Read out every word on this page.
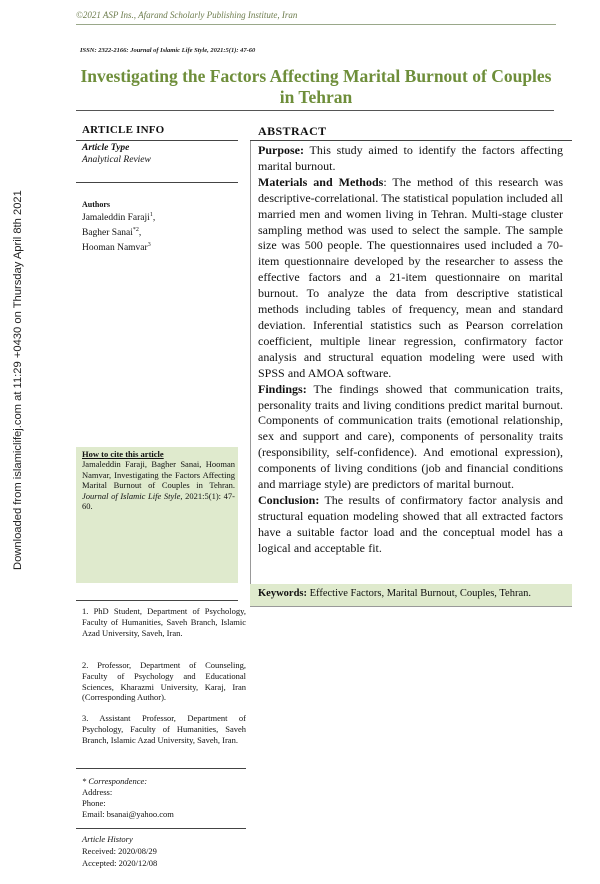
©2021 ASP Ins., Afarand Scholarly Publishing Institute, Iran
ISSN: 2322-2166: Journal of Islamic Life Style, 2021:5(1): 47-60
Investigating the Factors Affecting Marital Burnout of Couples in Tehran
Downloaded from islamiclifej.com at 11:29 +0430 on Thursday April 8th 2021
ARTICLE INFO
Article Type
Analytical Review
Authors
Jamaleddin Faraji$^1$,
Bagher Sanai$^{*2}$,
Hooman Namvar$^3$
How to cite this article
Jamaleddin Faraji, Bagher Sanai, Hooman Namvar, Investigating the Factors Affecting Marital Burnout of Couples in Tehran. Journal of Islamic Life Style, 2021:5(1): 47-60.
1. PhD Student, Department of Psychology, Faculty of Humanities, Saveh Branch, Islamic Azad University, Saveh, Iran.
2. Professor, Department of Counseling, Faculty of Psychology and Educational Sciences, Kharazmi University, Karaj, Iran (Corresponding Author).
3. Assistant Professor, Department of Psychology, Faculty of Humanities, Saveh Branch, Islamic Azad University, Saveh, Iran.
* Correspondence:
Address:
Phone:
Email: bsanai@yahoo.com
Article History
Received: 2020/08/29
Accepted: 2020/12/08
ABSTRACT

Purpose: This study aimed to identify the factors affecting marital burnout.

Materials and Methods: The method of this research was descriptive-correlational. The statistical population included all married men and women living in Tehran. Multi-stage cluster sampling method was used to select the sample. The sample size was 500 people. The questionnaires used included a 70-item questionnaire developed by the researcher to assess the effective factors and a 21-item questionnaire on marital burnout. To analyze the data from descriptive statistical methods including tables of frequency, mean and standard deviation. Inferential statistics such as Pearson correlation coefficient, multiple linear regression, confirmatory factor analysis and structural equation modeling were used with SPSS and AMOA software.

Findings: The findings showed that communication traits, personality traits and living conditions predict marital burnout. Components of communication traits (emotional relationship, sex and support and care), components of personality traits (responsibility, self-confidence). And emotional expression), components of living conditions (job and financial conditions and marriage style) are predictors of marital burnout.

Conclusion: The results of confirmatory factor analysis and structural equation modeling showed that all extracted factors have a suitable factor load and the conceptual model has a logical and acceptable fit.

Keywords: Effective Factors, Marital Burnout, Couples, Tehran.
